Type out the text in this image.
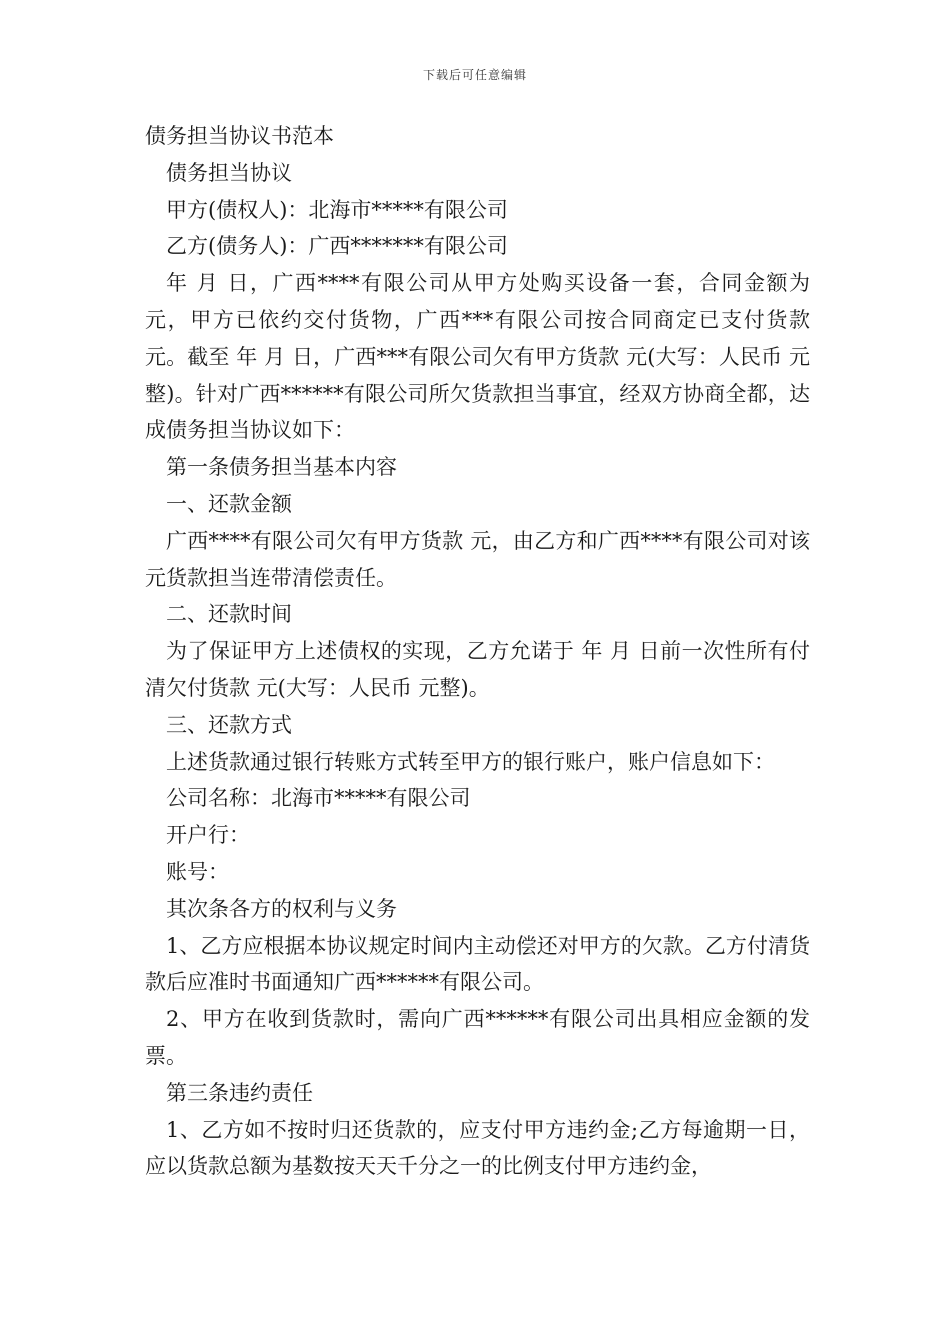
下载后可任意编辑

债务担当协议书范本

债务担当协议

甲方(债权人)：北海市*****有限公司

乙方(债务人)：广西*******有限公司

年 月 日，广西****有限公司从甲方处购买设备一套，合同金额为 元，甲方已依约交付货物，广西***有限公司按合同商定已支付货款 元。截至 年 月 日，广西***有限公司欠有甲方货款 元(大写：人民币 元整)。针对广西******有限公司所欠货款担当事宜，经双方协商全都，达成债务担当协议如下：

第一条债务担当基本内容

一、还款金额

广西****有限公司欠有甲方货款 元，由乙方和广西****有限公司对该 元货款担当连带清偿责任。

二、还款时间

为了保证甲方上述债权的实现，乙方允诺于 年 月 日前一次性所有付清欠付货款 元(大写：人民币 元整)。

三、还款方式

上述货款通过银行转账方式转至甲方的银行账户，账户信息如下：

公司名称：北海市*****有限公司

开户行：

账号：

其次条各方的权利与义务

1、乙方应根据本协议规定时间内主动偿还对甲方的欠款。乙方付清货款后应准时书面通知广西******有限公司。

2、甲方在收到货款时，需向广西******有限公司出具相应金额的发票。

第三条违约责任

1、乙方如不按时归还货款的，应支付甲方违约金;乙方每逾期一日，应以货款总额为基数按天天千分之一的比例支付甲方违约金，
